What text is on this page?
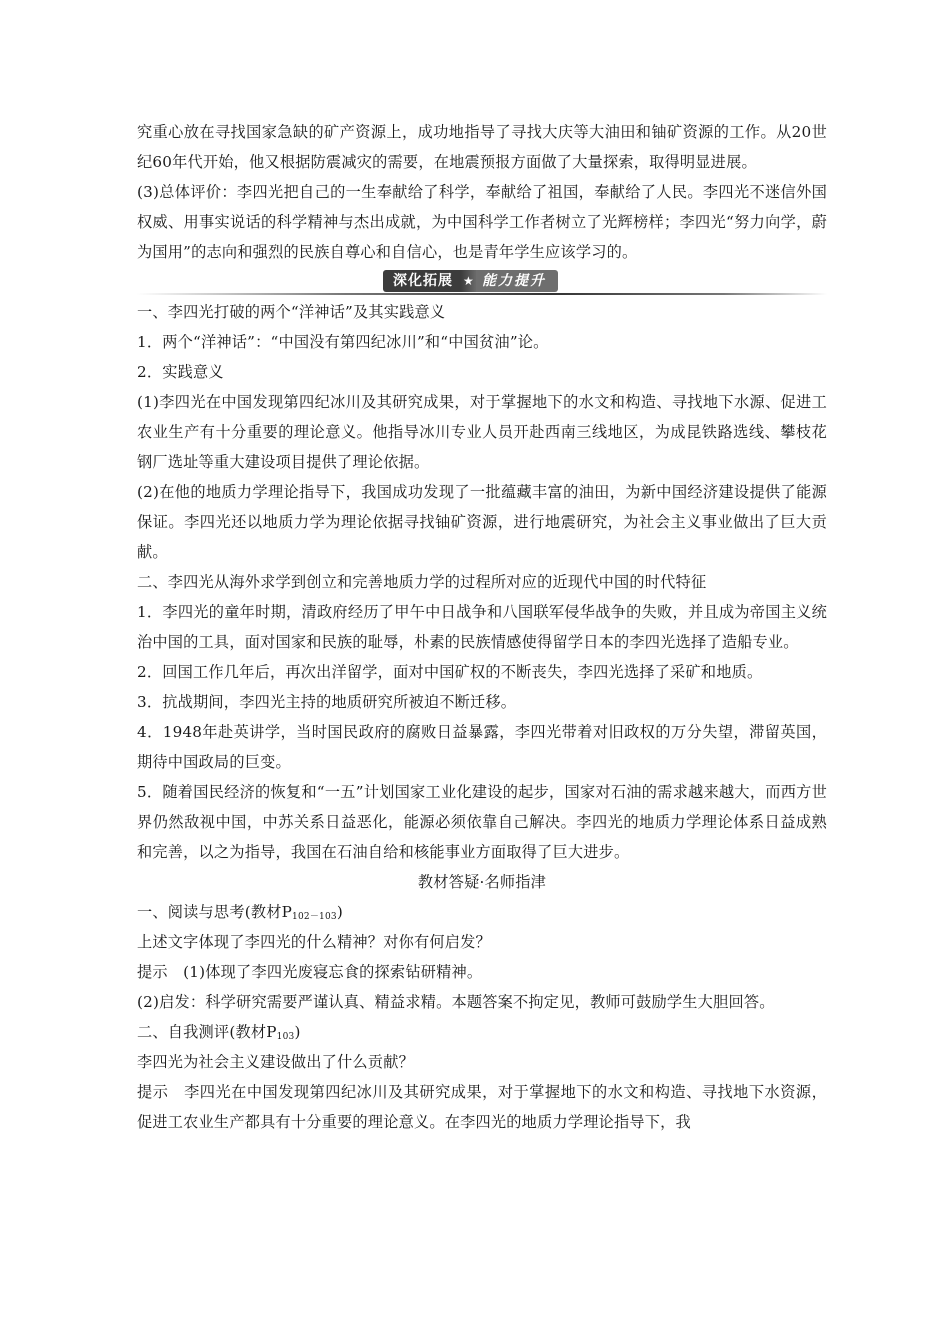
究重心放在寻找国家急缺的矿产资源上，成功地指导了寻找大庆等大油田和铀矿资源的工作。从20世纪60年代开始，他又根据防震减灾的需要，在地震预报方面做了大量探索，取得明显进展。

(3)总体评价：李四光把自己的一生奉献给了科学，奉献给了祖国，奉献给了人民。李四光不迷信外国权威、用事实说话的科学精神与杰出成就，为中国科学工作者树立了光辉榜样；李四光“努力向学，蔚为国用”的志向和强烈的民族自尊心和自信心，也是青年学生应该学习的。

深化拓展 ★ 能力提升

一、李四光打破的两个“洋神话”及其实践意义

1．两个“洋神话”：“中国没有第四纪冰川”和“中国贫油”论。

2．实践意义

(1)李四光在中国发现第四纪冰川及其研究成果，对于掌握地下的水文和构造、寻找地下水源、促进工农业生产有十分重要的理论意义。他指导冰川专业人员开赴西南三线地区，为成昆铁路选线、攀枝花钢厂选址等重大建设项目提供了理论依据。

(2)在他的地质力学理论指导下，我国成功发现了一批蕴藏丰富的油田，为新中国经济建设提供了能源保证。李四光还以地质力学为理论依据寻找铀矿资源，进行地震研究，为社会主义事业做出了巨大贡献。

二、李四光从海外求学到创立和完善地质力学的过程所对应的近现代中国的时代特征

1．李四光的童年时期，清政府经历了甲午中日战争和八国联军侵华战争的失败，并且成为帝国主义统治中国的工具，面对国家和民族的耻辱，朴素的民族情感使得留学日本的李四光选择了造船专业。

2．回国工作几年后，再次出洋留学，面对中国矿权的不断丧失，李四光选择了采矿和地质。

3．抗战期间，李四光主持的地质研究所被迫不断迁移。

4．1948年赴英讲学，当时国民政府的腐败日益暴露，李四光带着对旧政权的万分失望，滞留英国，期待中国政局的巨变。

5．随着国民经济的恢复和“一五”计划国家工业化建设的起步，国家对石油的需求越来越大，而西方世界仍然敌视中国，中苏关系日益恶化，能源必须依靠自己解决。李四光的地质力学理论体系日益成熟和完善，以之为指导，我国在石油自给和核能事业方面取得了巨大进步。

教材答疑·名师指津

一、阅读与思考(教材$P_{102-103}$)

上述文字体现了李四光的什么精神？对你有何启发？

提示　(1)体现了李四光废寝忘食的探索钻研精神。

(2)启发：科学研究需要严谨认真、精益求精。本题答案不拘定见，教师可鼓励学生大胆回答。

二、自我测评(教材$P_{103}$)

李四光为社会主义建设做出了什么贡献？

提示　李四光在中国发现第四纪冰川及其研究成果，对于掌握地下的水文和构造、寻找地下水资源，促进工农业生产都具有十分重要的理论意义。在李四光的地质力学理论指导下，我
